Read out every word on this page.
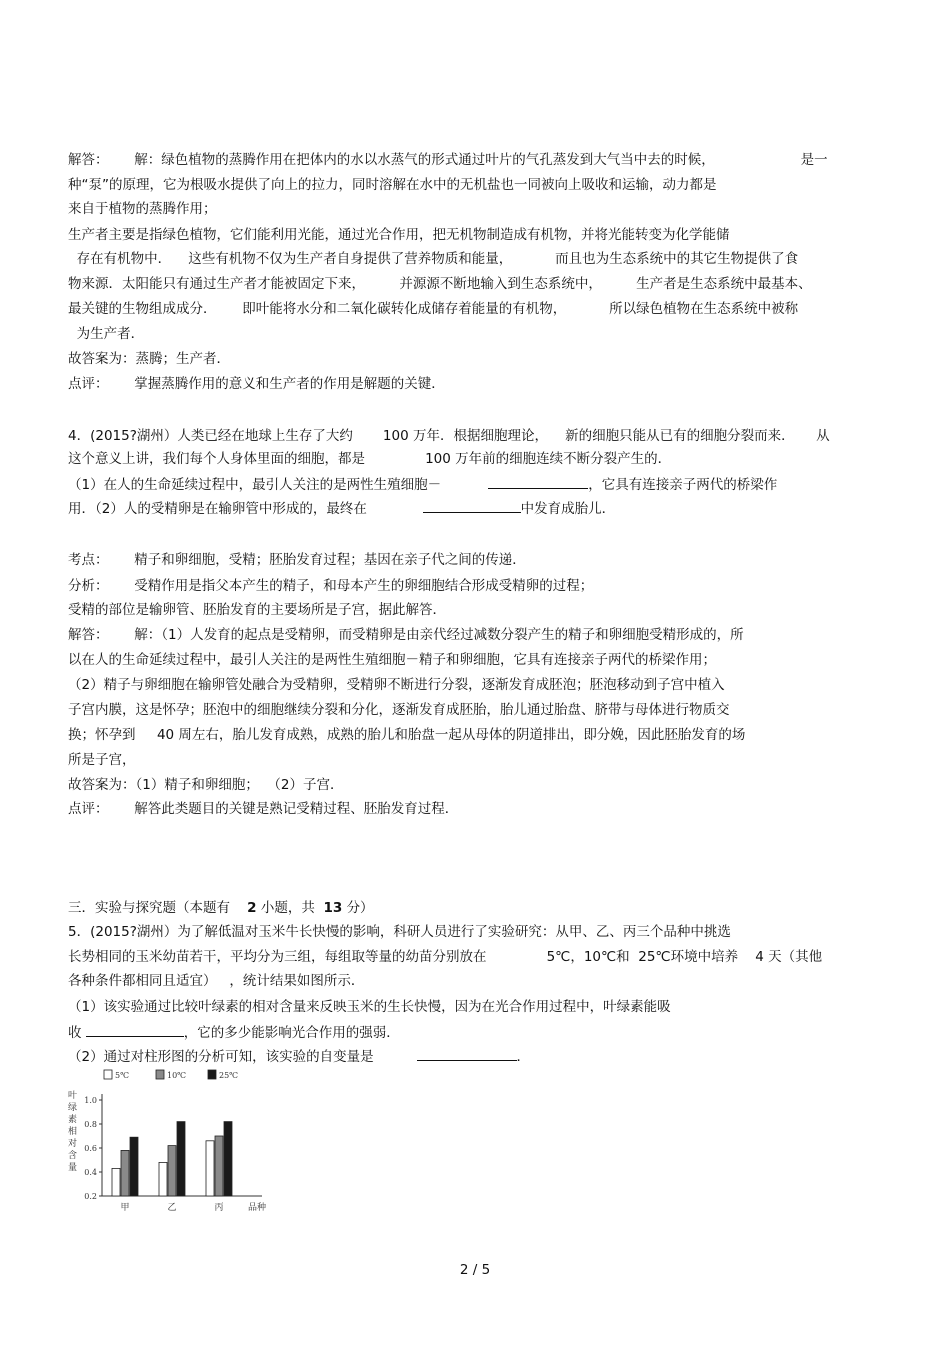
解答：      解：绿色植物的蒸腾作用在把体内的水以水蒸气的形式通过叶片的气孔蒸发到大气当中去的时候，                    是一
种“泵”的原理，它为根吸水提供了向上的拉力，同时溶解在水中的无机盐也一同被向上吸收和运输，动力都是
来自于植物的蒸腾作用；
生产者主要是指绿色植物，它们能利用光能，通过光合作用，把无机物制造成有机物，并将光能转变为化学能储
存在有机物中．    这些有机物不仅为生产者自身提供了营养物质和能量，          而且也为生态系统中的其它生物提供了食
物来源．太阳能只有通过生产者才能被固定下来，        并源源不断地输入到生态系统中，        生产者是生态系统中最基本、
最关键的生物组成成分．      即叶能将水分和二氧化碳转化成储存着能量的有机物，          所以绿色植物在生态系统中被称
为生产者．
故答案为：蒸腾；生产者．
点评：      掌握蒸腾作用的意义和生产者的作用是解题的关键．
4．(2015?湖州）人类已经在地球上生存了大约       100 万年．根据细胞理论，    新的细胞只能从已有的细胞分裂而来．     从
这个意义上讲，我们每个人身体里面的细胞，都是              100 万年前的细胞连续不断分裂产生的．
（1）在人的生命延续过程中，最引人关注的是两性生殖细胞－	，它具有连接亲子两代的桥梁作
用．（2）人的受精卵是在输卵管中形成的，最终在	中发育成胎儿．
考点：      精子和卵细胞，受精；胚胎发育过程；基因在亲子代之间的传递．
分析：      受精作用是指父本产生的精子，和母本产生的卵细胞结合形成受精卵的过程；
受精的部位是输卵管、胚胎发育的主要场所是子宫，据此解答．
解答：      解：（1）人发育的起点是受精卵，而受精卵是由亲代经过减数分裂产生的精子和卵细胞受精形成的，所
以在人的生命延续过程中，最引人关注的是两性生殖细胞－精子和卵细胞，它具有连接亲子两代的桥梁作用；
（2）精子与卵细胞在输卵管处融合为受精卵，受精卵不断进行分裂，逐渐发育成胚泡；胚泡移动到子宫中植入
子宫内膜，这是怀孕；胚泡中的细胞继续分裂和分化，逐渐发育成胚胎，胎儿通过胎盘、脐带与母体进行物质交
换；怀孕到     40 周左右，胎儿发育成熟，成熟的胎儿和胎盘一起从母体的阴道排出，即分娩，因此胚胎发育的场
所是子宫，
故答案为：（1）精子和卵细胞；  （2）子宫．
点评：      解答此类题目的关键是熟记受精过程、胚胎发育过程．
三．实验与探究题（本题有 2 小题，共 13 分）
5．(2015?湖州）为了解低温对玉米牛长快慢的影响，科研人员进行了实验研究：从甲、乙、丙三个品种中挑选
长势相同的玉米幼苗若干，平均分为三组，每组取等量的幼苗分别放在              5℃，10℃和  25℃环境中培养    4 天（其他
各种条件都相同且适宜）   ，统计结果如图所示．
（1）该实验通过比较叶绿素的相对含量来反映玉米的生长快慢，因为在光合作用过程中，叶绿素能吸
收	，它的多少能影响光合作用的强弱．
（2）通过对柱形图的分析可知，该实验的自变量是	．
叶
绿
素
相
对
含
量
0.2
0.4
0.6
0.8
1.0
5℃	10℃	25℃
甲	乙	丙	品种
2 / 5
